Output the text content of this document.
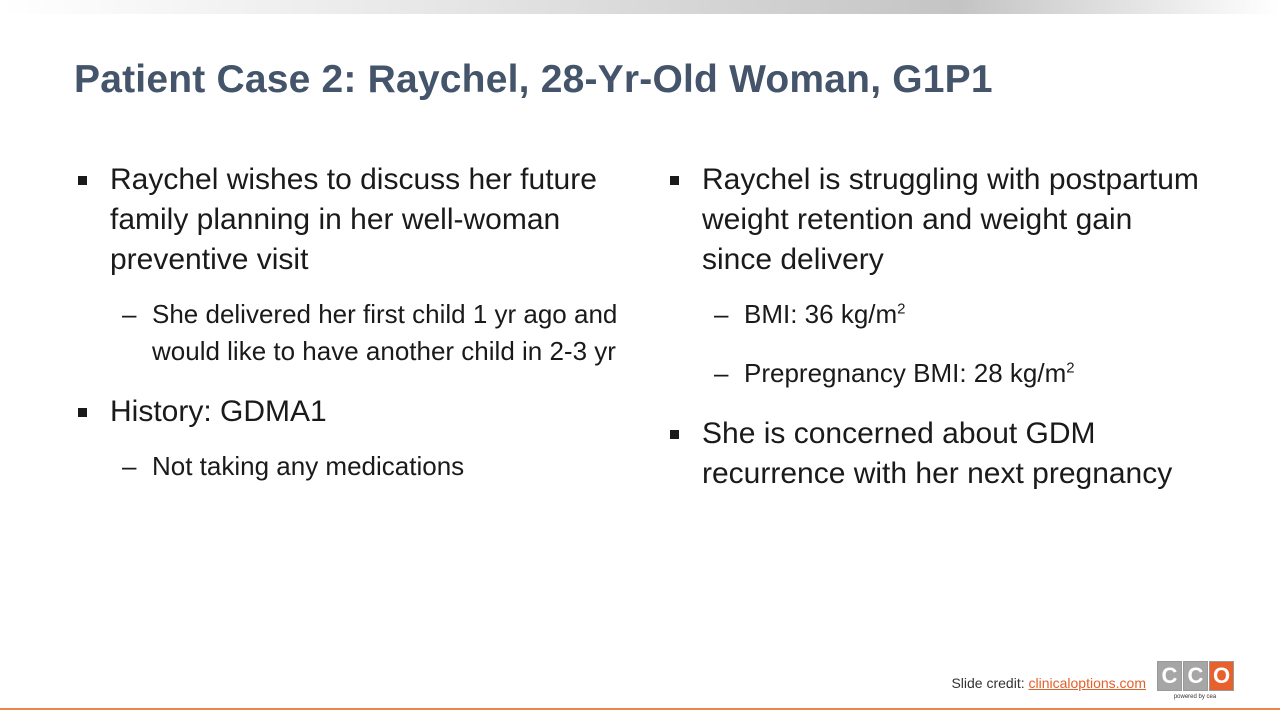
Patient Case 2: Raychel, 28-Yr-Old Woman, G1P1
Raychel wishes to discuss her future family planning in her well-woman preventive visit
– She delivered her first child 1 yr ago and would like to have another child in 2-3 yr
History: GDMA1
– Not taking any medications
Raychel is struggling with postpartum weight retention and weight gain since delivery
– BMI: 36 $kg/m^2$
– Prepregnancy BMI: 28 $kg/m^2$
She is concerned about GDM recurrence with her next pregnancy
Slide credit: clinicaloptions.com C C O
powered by cea
